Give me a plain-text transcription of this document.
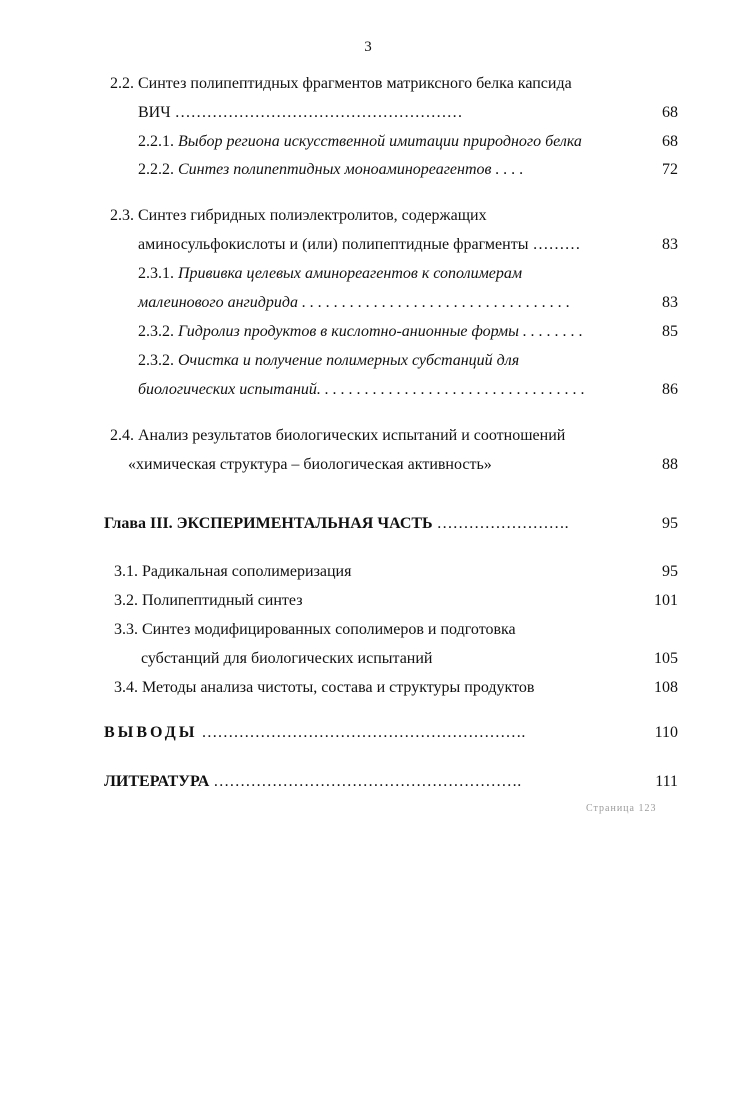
3
2.2. Синтез полипептидных фрагментов матриксного белка капсида
ВИЧ ………………………………………………	68
2.2.1. Выбор региона искусственной имитации природного белка	68
2.2.2. Синтез полипептидных моноаминореагентов . . . .	72
2.3. Синтез гибридных полиэлектролитов, содержащих
аминосульфокислоты и (или) полипептидные фрагменты ………	83
2.3.1. Прививка целевых аминореагентов к сополимерам
малеинового ангидрида . . . . . . . . . . . . . . . . . . . . . . . . . . . . . . . . . .	83
2.3.2. Гидролиз продуктов в кислотно-анионные формы . . . . . . . .	85
2.3.2. Очистка и получение полимерных субстанций для
биологических испытаний. . . . . . . . . . . . . . . . . . . . . . . . . . . . . . . . . .	86
2.4. Анализ результатов биологических испытаний и соотношений
«химическая структура – биологическая активность»	88
Глава III. ЭКСПЕРИМЕНТАЛЬНАЯ ЧАСТЬ …………………….	95
3.1. Радикальная сополимеризация	95
3.2. Полипептидный синтез	101
3.3. Синтез модифицированных сополимеров и подготовка
субстанций для биологических испытаний	105
3.4. Методы анализа чистоты, состава и структуры продуктов	108
ВЫВОДЫ …………………………………………………….	110
ЛИТЕРАТУРА ………………………………………………….	111
Страница 123
